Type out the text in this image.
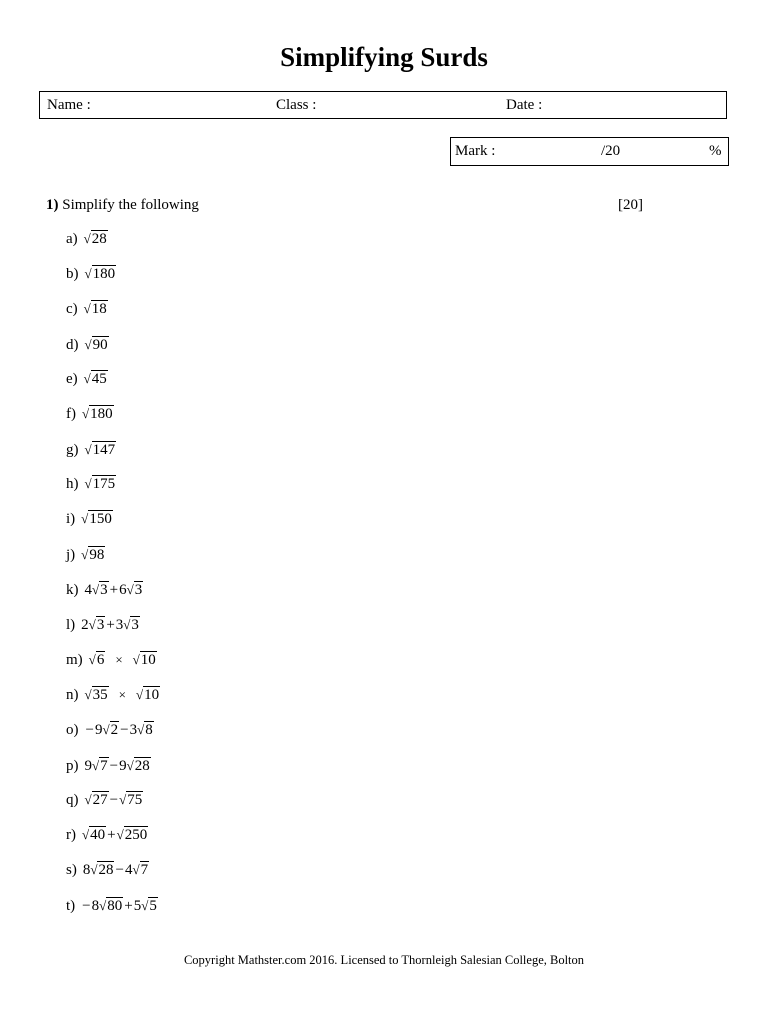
Simplifying Surds
Name :	Class :	Date :
Mark :	/20	%
1) Simplify the following	[20]
a) √28
b) √180
c) √18
d) √90
e) √45
f) √180
g) √147
h) √175
i) √150
j) √98
k) 4√3 +6√3
l) 2√3 +3√3
m) √6 × √10
n) √35 × √10
o) −9√2 −3√8
p) 9√7 −9√28
q) √27 −√75
r) √40 +√250
s) 8√28 −4√7
t) −8√80 +5√5
Copyright Mathster.com 2016. Licensed to Thornleigh Salesian College, Bolton
